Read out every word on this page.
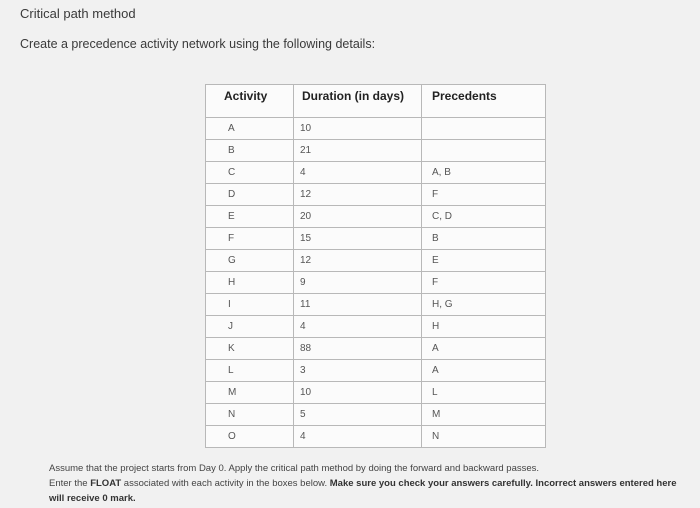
Critical path method
Create a precedence activity network using the following details:
Activity	Duration (in days)	Precedents
A	10	
B	21	
C	4	A, B
D	12	F
E	20	C, D
F	15	B
G	12	E
H	9	F
I	11	H, G
J	4	H
K	88	A
L	3	A
M	10	L
N	5	M
O	4	N
Assume that the project starts from Day 0. Apply the critical path method by doing the forward and backward passes.
Enter the FLOAT associated with each activity in the boxes below. Make sure you check your answers carefully. Incorrect answers entered here will receive 0 mark.
